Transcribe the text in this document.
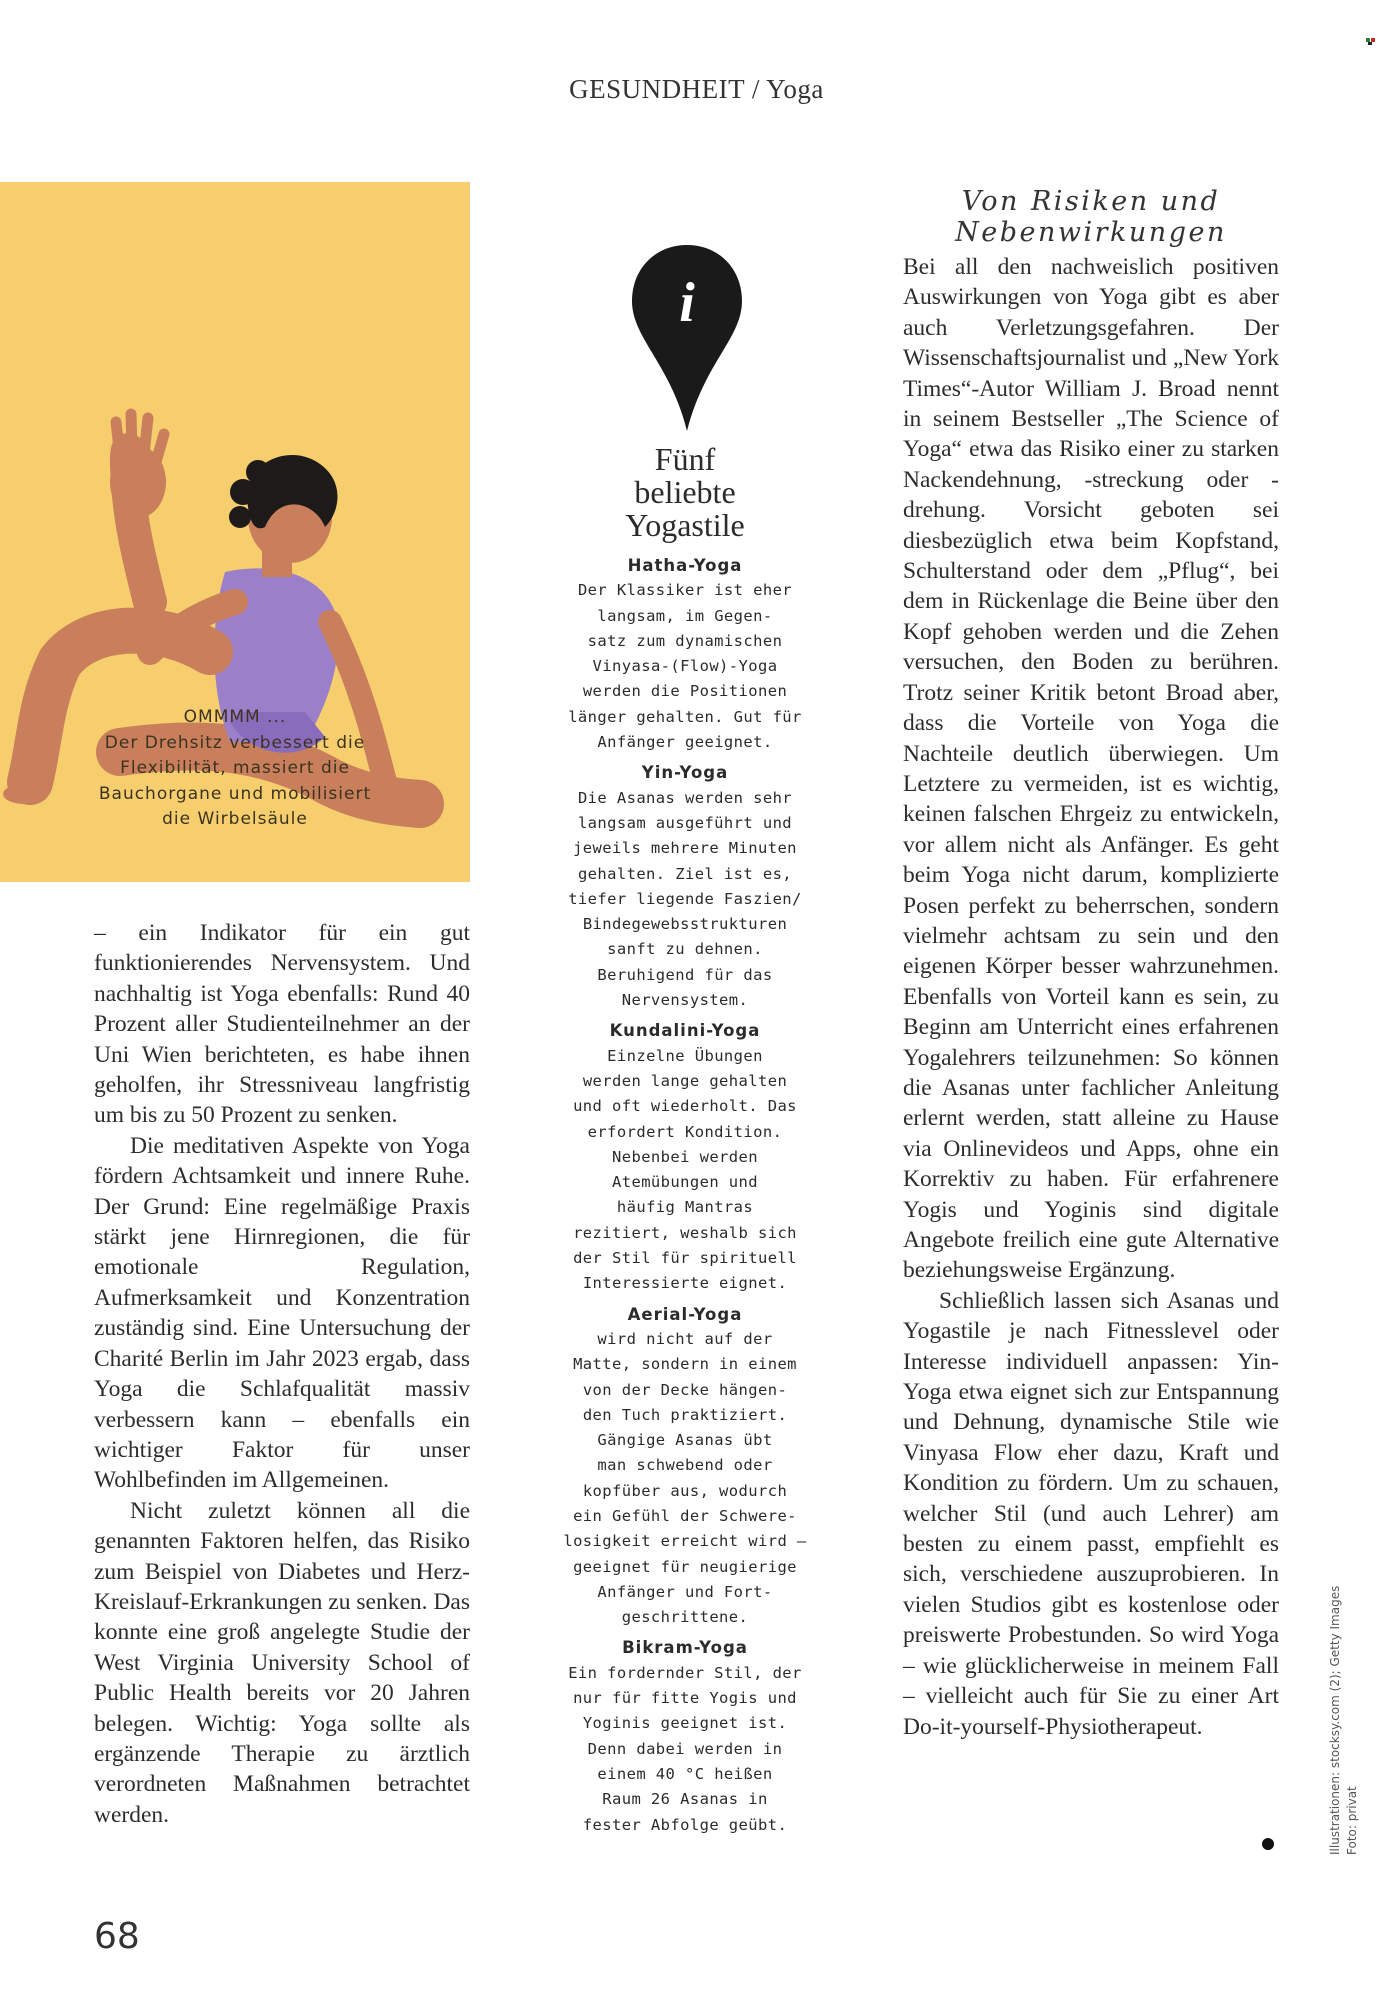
GESUNDHEIT / Yoga
OMMMM ...
Der Drehsitz verbessert die
Flexibilität, massiert die
Bauchorgane und mobilisiert
die Wirbelsäule

– ein Indikator für ein gut funktionierendes Nervensystem. Und nachhaltig ist Yoga ebenfalls: Rund 40 Prozent aller Studienteilnehmer an der Uni Wien berichteten, es habe ihnen geholfen, ihr Stressniveau langfristig um bis zu 50 Prozent zu senken.

Die meditativen Aspekte von Yoga fördern Achtsamkeit und innere Ruhe. Der Grund: Eine regelmäßige Praxis stärkt jene Hirnregionen, die für emotionale Regulation, Aufmerksamkeit und Konzentration zuständig sind. Eine Untersuchung der Charité Berlin im Jahr 2023 ergab, dass Yoga die Schlafqualität massiv verbessern kann – ebenfalls ein wichtiger Faktor für unser Wohlbefinden im Allgemeinen.

Nicht zuletzt können all die genannten Faktoren helfen, das Risiko zum Beispiel von Diabetes und Herz-Kreislauf-Erkrankungen zu senken. Das konnte eine groß angelegte Studie der West Virginia University School of Public Health bereits vor 20 Jahren belegen. Wichtig: Yoga sollte als ergänzende Therapie zu ärztlich verordneten Maßnahmen betrachtet werden.

i
Fünf
beliebte
Yogastile
Hatha-Yoga
Der Klassiker ist eher
langsam, im Gegen-
satz zum dynamischen
Vinyasa-(Flow)-Yoga
werden die Positionen
länger gehalten. Gut für
Anfänger geeignet.
Yin-Yoga
Die Asanas werden sehr
langsam ausgeführt und
jeweils mehrere Minuten
gehalten. Ziel ist es,
tiefer liegende Faszien/
Bindegewebsstrukturen
sanft zu dehnen.
Beruhigend für das
Nervensystem.
Kundalini-Yoga
Einzelne Übungen
werden lange gehalten
und oft wiederholt. Das
erfordert Kondition.
Nebenbei werden
Atemübungen und
häufig Mantras
rezitiert, weshalb sich
der Stil für spirituell
Interessierte eignet.
Aerial-Yoga
wird nicht auf der
Matte, sondern in einem
von der Decke hängen-
den Tuch praktiziert.
Gängige Asanas übt
man schwebend oder
kopfüber aus, wodurch
ein Gefühl der Schwere-
losigkeit erreicht wird –
geeignet für neugierige
Anfänger und Fort-
geschrittene.
Bikram-Yoga
Ein fordernder Stil, der
nur für fitte Yogis und
Yoginis geeignet ist.
Denn dabei werden in
einem 40 °C heißen
Raum 26 Asanas in
fester Abfolge geübt.
Von Risiken und
Nebenwirkungen

Bei all den nachweislich positiven Auswirkungen von Yoga gibt es aber auch Verletzungsgefahren. Der Wissenschaftsjournalist und „New York Times“-Autor William J. Broad nennt in seinem Bestseller „The Science of Yoga“ etwa das Risiko einer zu starken Nackendehnung, -streckung oder -drehung. Vorsicht geboten sei diesbezüglich etwa beim Kopfstand, Schulterstand oder dem „Pflug“, bei dem in Rückenlage die Beine über den Kopf gehoben werden und die Zehen versuchen, den Boden zu berühren. Trotz seiner Kritik betont Broad aber, dass die Vorteile von Yoga die Nachteile deutlich überwiegen. Um Letztere zu vermeiden, ist es wichtig, keinen falschen Ehrgeiz zu entwickeln, vor allem nicht als Anfänger. Es geht beim Yoga nicht darum, komplizierte Posen perfekt zu beherrschen, sondern vielmehr achtsam zu sein und den eigenen Körper besser wahrzunehmen. Ebenfalls von Vorteil kann es sein, zu Beginn am Unterricht eines erfahrenen Yogalehrers teilzunehmen: So können die Asanas unter fachlicher Anleitung erlernt werden, statt alleine zu Hause via Onlinevideos und Apps, ohne ein Korrektiv zu haben. Für erfahrenere Yogis und Yoginis sind digitale Angebote freilich eine gute Alternative beziehungsweise Ergänzung.

Schließlich lassen sich Asanas und Yogastile je nach Fitnesslevel oder Interesse individuell anpassen: Yin-Yoga etwa eignet sich zur Entspannung und Dehnung, dynamische Stile wie Vinyasa Flow eher dazu, Kraft und Kondition zu fördern. Um zu schauen, welcher Stil (und auch Lehrer) am besten zu einem passt, empfiehlt es sich, verschiedene auszuprobieren. In vielen Studios gibt es kostenlose oder preiswerte Probestunden. So wird Yoga – wie glücklicherweise in meinem Fall – vielleicht auch für Sie zu einer Art Do-it-yourself-Physiotherapeut.

68
Illustrationen: stocksy.com (2); Getty Images Foto: privat
